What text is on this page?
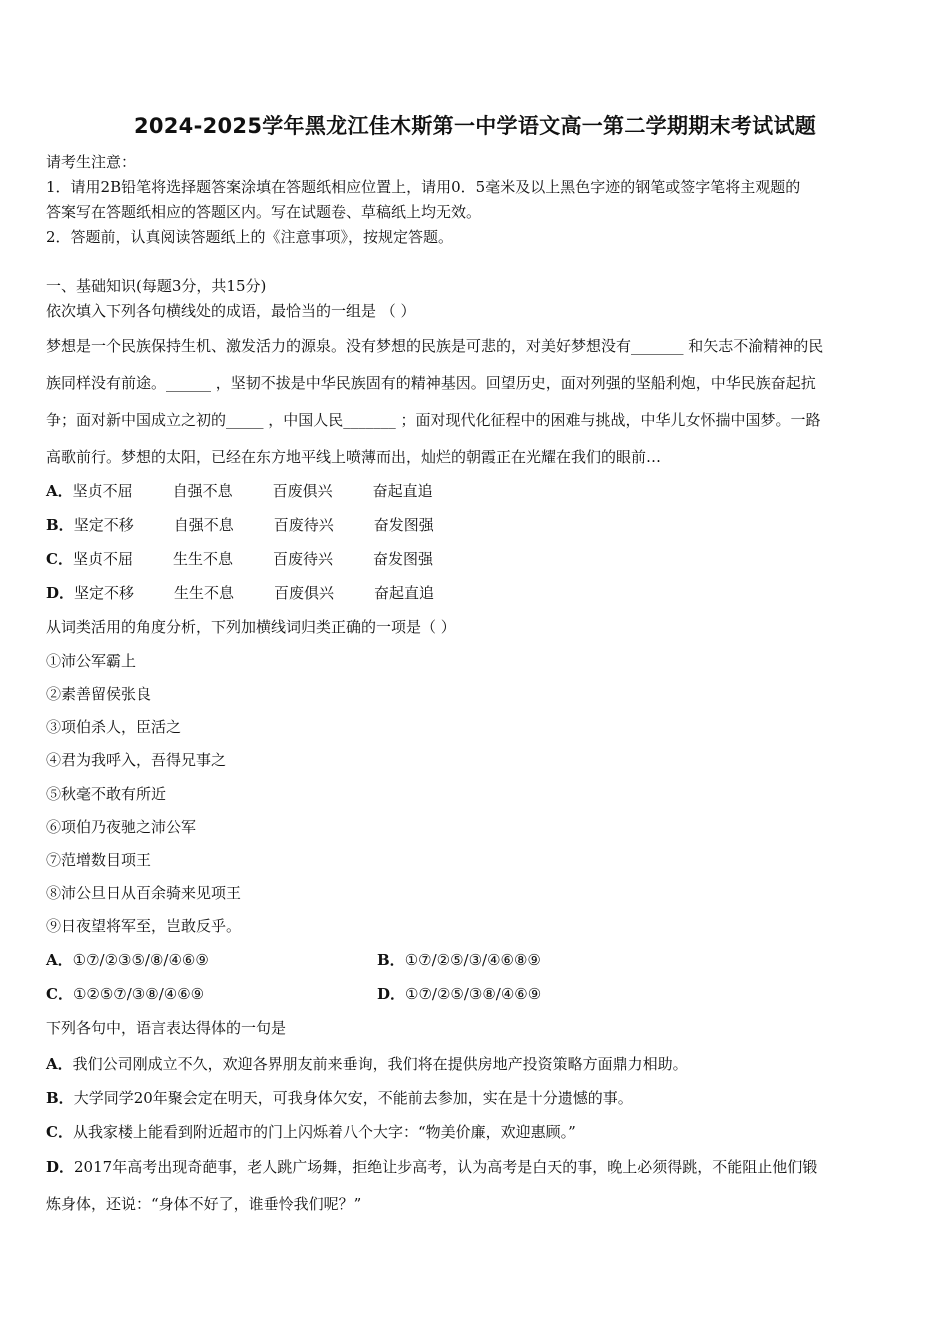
2024-2025学年黑龙江佳木斯第一中学语文高一第二学期期末考试试题
请考生注意：
1．请用2B铅笔将选择题答案涂填在答题纸相应位置上，请用0．5毫米及以上黑色字迹的钢笔或签字笔将主观题的
答案写在答题纸相应的答题区内。写在试题卷、草稿纸上均无效。
2．答题前，认真阅读答题纸上的《注意事项》，按规定答题。
一、基础知识(每题3分，共15分)
依次填入下列各句横线处的成语，最恰当的一组是 （ ）
梦想是一个民族保持生机、激发活力的源泉。没有梦想的民族是可悲的，对美好梦想没有_______ 和矢志不渝精神的民
族同样没有前途。______ ，坚韧不拔是中华民族固有的精神基因。回望历史，面对列强的坚船利炮，中华民族奋起抗
争；面对新中国成立之初的_____ ，中国人民_______ ；面对现代化征程中的困难与挑战，中华儿女怀揣中国梦。一路
高歌前行。梦想的太阳，已经在东方地平线上喷薄而出，灿烂的朝霞正在光耀在我们的眼前…
A．坚贞不屈	自强不息	百废俱兴	奋起直追
B．坚定不移	自强不息	百废待兴	奋发图强
C．坚贞不屈	生生不息	百废待兴	奋发图强
D．坚定不移	生生不息	百废俱兴	奋起直追
从词类活用的角度分析，下列加横线词归类正确的一项是（ ）
①沛公军霸上
②素善留侯张良
③项伯杀人，臣活之
④君为我呼入，吾得兄事之
⑤秋毫不敢有所近
⑥项伯乃夜驰之沛公军
⑦范增数目项王
⑧沛公旦日从百余骑来见项王
⑨日夜望将军至，岂敢反乎。
A．①⑦/②③⑤/⑧/④⑥⑨	B．①⑦/②⑤/③/④⑥⑧⑨
C．①②⑤⑦/③⑧/④⑥⑨	D．①⑦/②⑤/③⑧/④⑥⑨
下列各句中，语言表达得体的一句是
A．我们公司刚成立不久，欢迎各界朋友前来垂询，我们将在提供房地产投资策略方面鼎力相助。
B．大学同学20年聚会定在明天，可我身体欠安，不能前去参加，实在是十分遗憾的事。
C．从我家楼上能看到附近超市的门上闪烁着八个大字：“物美价廉，欢迎惠顾。”
D．2017年高考出现奇葩事，老人跳广场舞，拒绝让步高考，认为高考是白天的事，晚上必须得跳，不能阻止他们锻
炼身体，还说：“身体不好了，谁垂怜我们呢？”
